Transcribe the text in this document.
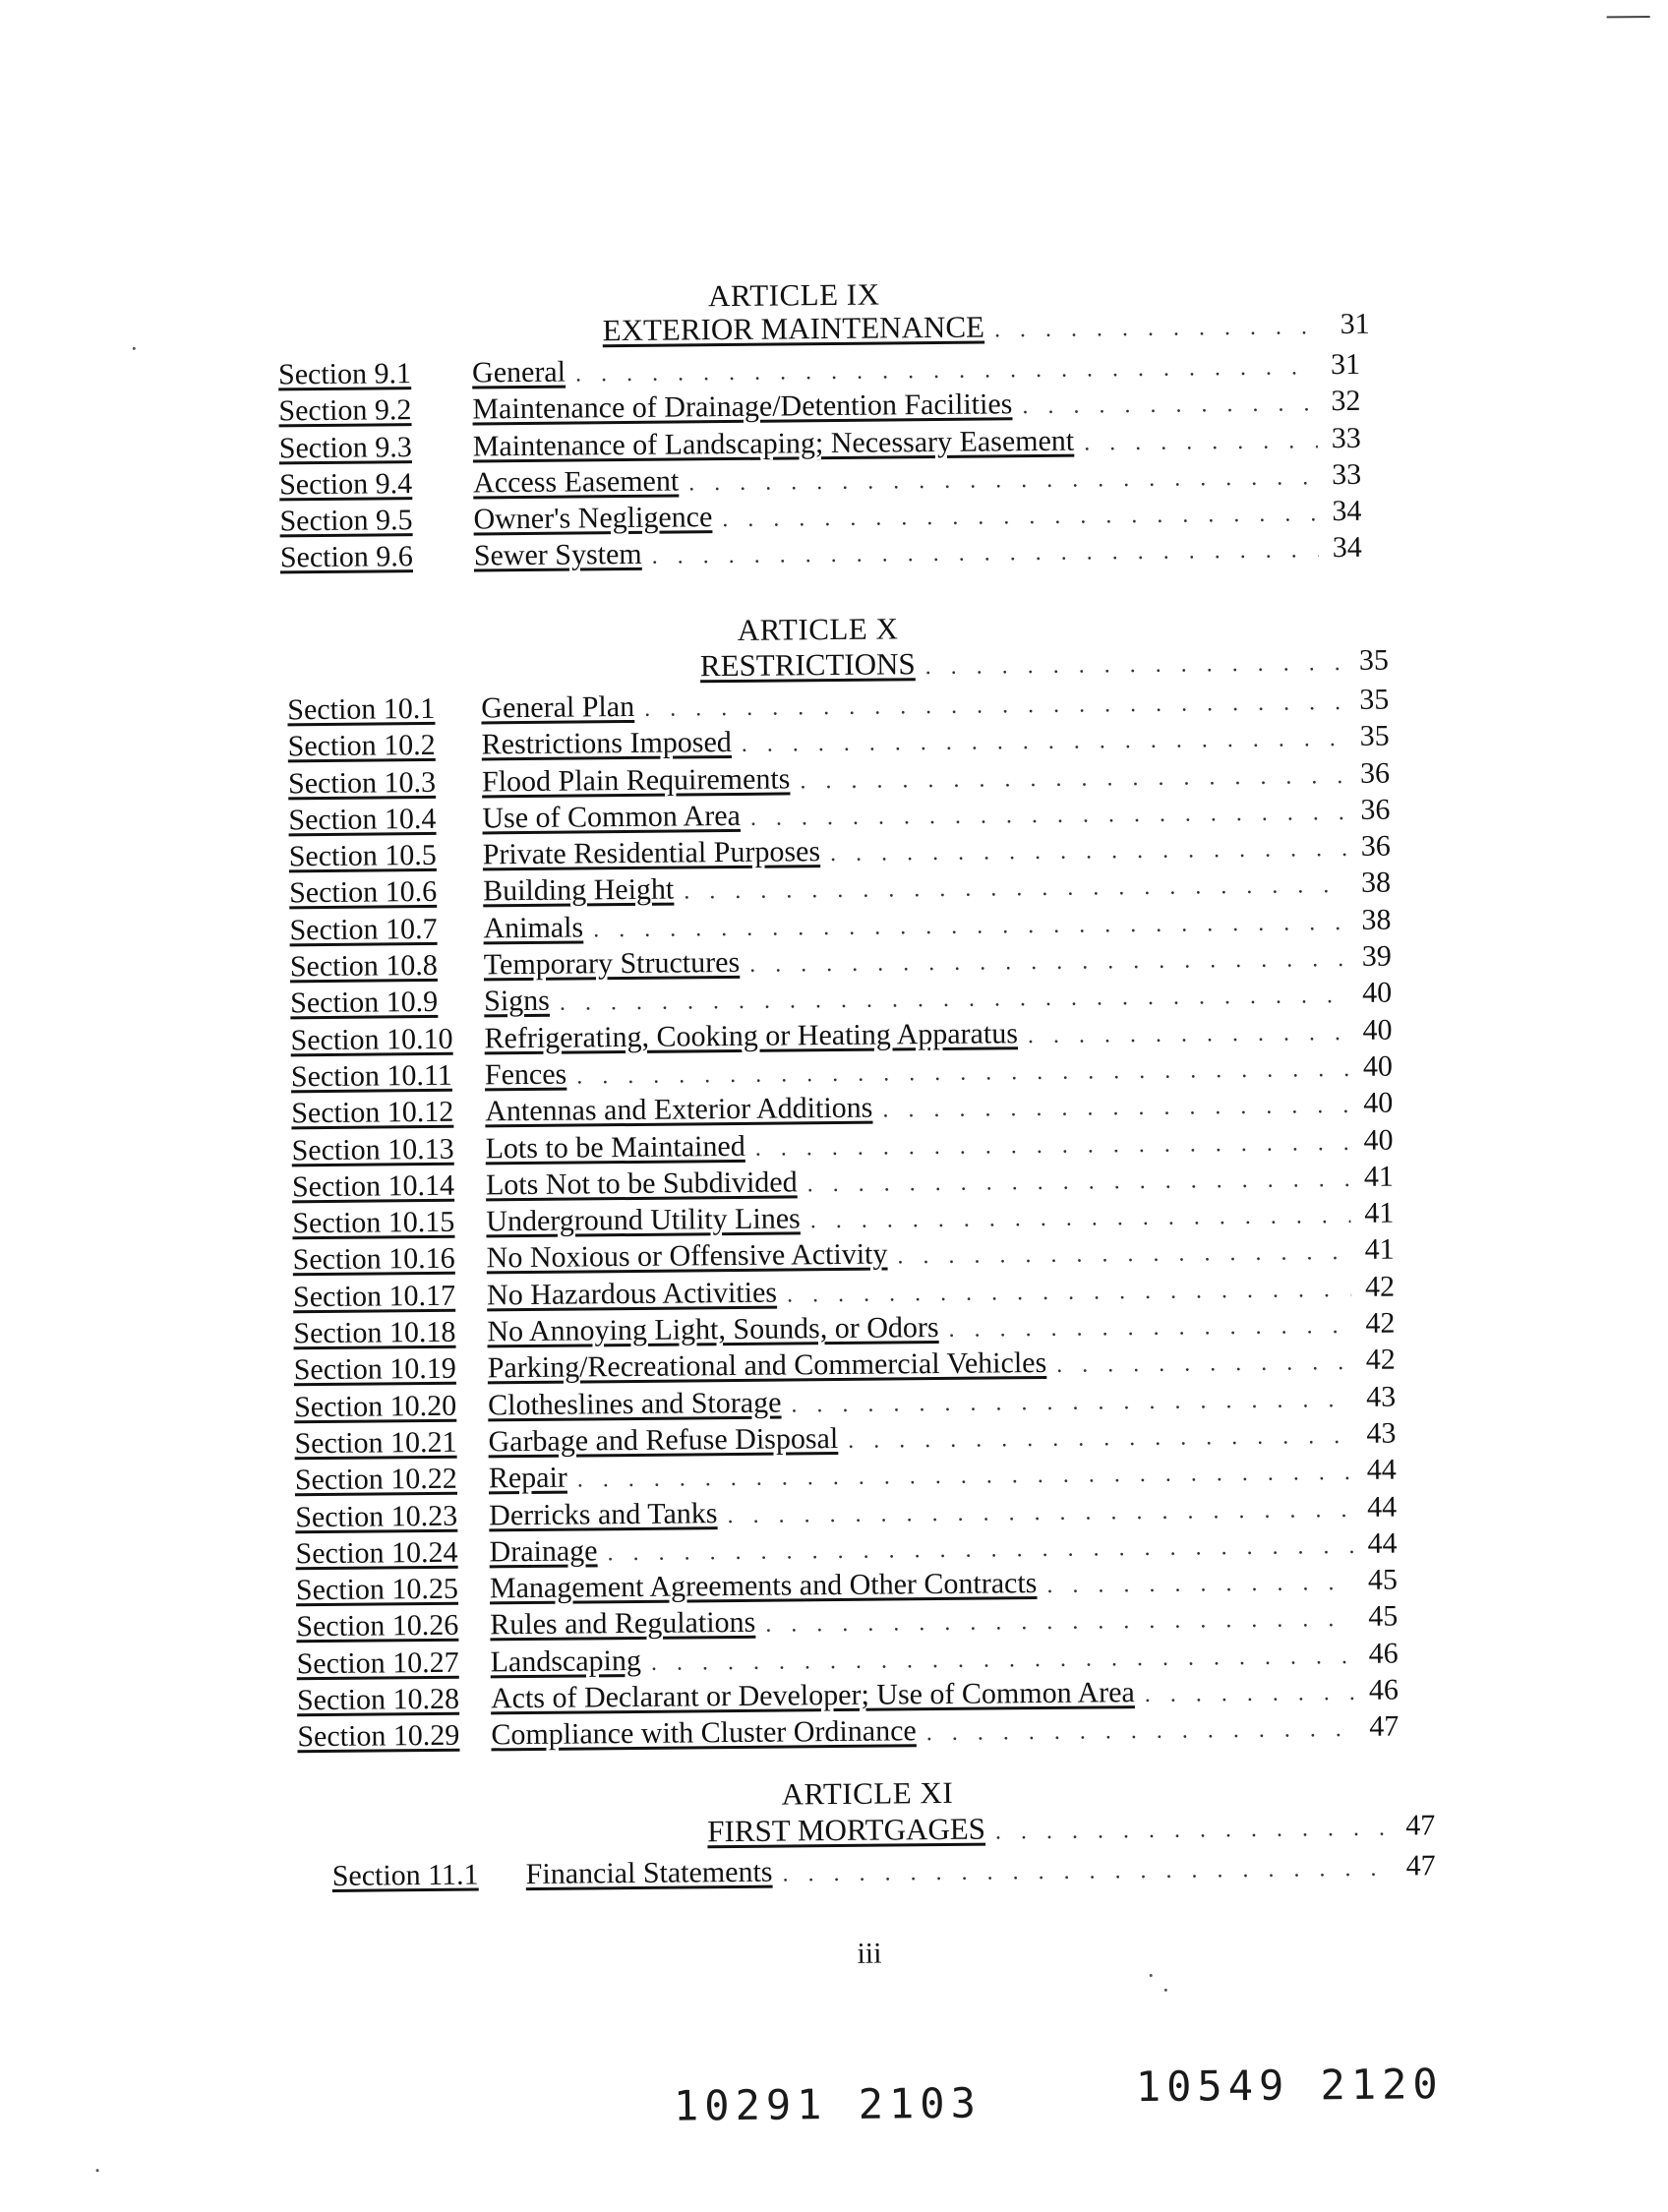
ARTICLE IX
EXTERIOR MAINTENANCE . . .	31
Section 9.1	General . . .	31
Section 9.2	Maintenance of Drainage/Detention Facilities . . .	32
Section 9.3	Maintenance of Landscaping; Necessary Easement . . .	33
Section 9.4	Access Easement . . .	33
Section 9.5	Owner's Negligence . . .	34
Section 9.6	Sewer System . . .	34
ARTICLE X
RESTRICTIONS . . .	35
Section 10.1	General Plan . . .	35
Section 10.2	Restrictions Imposed . . .	35
Section 10.3	Flood Plain Requirements . . .	36
Section 10.4	Use of Common Area . . .	36
Section 10.5	Private Residential Purposes . . .	36
Section 10.6	Building Height . . .	38
Section 10.7	Animals . . .	38
Section 10.8	Temporary Structures . . .	39
Section 10.9	Signs . . .	40
Section 10.10	Refrigerating, Cooking or Heating Apparatus . . .	40
Section 10.11	Fences . . .	40
Section 10.12	Antennas and Exterior Additions . . .	40
Section 10.13	Lots to be Maintained . . .	40
Section 10.14	Lots Not to be Subdivided . . .	41
Section 10.15	Underground Utility Lines . . .	41
Section 10.16	No Noxious or Offensive Activity . . .	41
Section 10.17	No Hazardous Activities . . .	42
Section 10.18	No Annoying Light, Sounds, or Odors . . .	42
Section 10.19	Parking/Recreational and Commercial Vehicles . . .	42
Section 10.20	Clotheslines and Storage . . .	43
Section 10.21	Garbage and Refuse Disposal . . .	43
Section 10.22	Repair . . .	44
Section 10.23	Derricks and Tanks . . .	44
Section 10.24	Drainage . . .	44
Section 10.25	Management Agreements and Other Contracts . . .	45
Section 10.26	Rules and Regulations . . .	45
Section 10.27	Landscaping . . .	46
Section 10.28	Acts of Declarant or Developer; Use of Common Area . . .	46
Section 10.29	Compliance with Cluster Ordinance . . .	47
ARTICLE XI
FIRST MORTGAGES . . .	47
Section 11.1	Financial Statements . . .	47
iii
10291 2103	10549 2120
